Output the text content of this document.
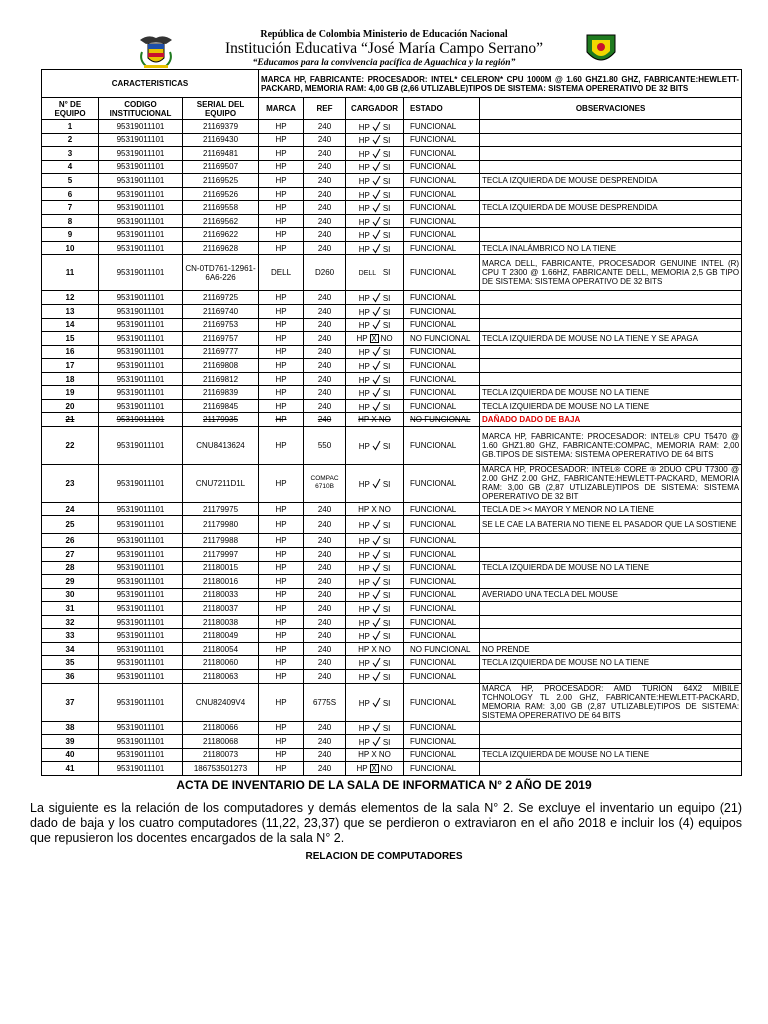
República de Colombia Ministerio de Educación Nacional
Institución Educativa “José María Campo Serrano”
“Educamos para la convivencia pacífica de Aguachica y la región”
CARACTERISTICAS			MARCA HP, FABRICANTE: PROCESADOR: INTEL* CELERON* CPU 1000M @ 1.60 GHZ1.80 GHZ, FABRICANTE:HEWLETT-PACKARD, MEMORIA RAM: 4,00 GB (2,66 UTLIZABLE)TIPOS DE SISTEMA: SISTEMA OPERERATIVO DE 32 BITS				
N° DE EQUIPO	CODIGO INSTITUCIONAL	SERIAL DEL EQUIPO	MARCA	REF	CARGADOR	ESTADO	OBSERVACIONES
1	95319011101	21169379	HP	240	HP SI	FUNCIONAL	
2	95319011101	21169430	HP	240	HP SI	FUNCIONAL	
3	95319011101	21169481	HP	240	HP SI	FUNCIONAL	
4	95319011101	21169507	HP	240	HP SI	FUNCIONAL	
5	95319011101	21169525	HP	240	HP SI	FUNCIONAL	TECLA IZQUIERDA DE MOUSE DESPRENDIDA
6	95319011101	21169526	HP	240	HP SI	FUNCIONAL	
7	95319011101	21169558	HP	240	HP SI	FUNCIONAL	TECLA IZQUIERDA DE MOUSE DESPRENDIDA
8	95319011101	21169562	HP	240	HP SI	FUNCIONAL	
9	95319011101	21169622	HP	240	HP SI	FUNCIONAL	
10	95319011101	21169628	HP	240	HP SI	FUNCIONAL	TECLA INALÁMBRICO NO LA TIENE
11	95319011101	CN-0TD761-12961-6A6-226	DELL	D260	DELL SI	FUNCIONAL	MARCA DELL, FABRICANTE, PROCESADOR GENUINE INTEL (R) CPU T 2300 @ 1.66HZ, FABRICANTE DELL, MEMORIA 2,5 GB TIPO DE SISTEMA: SISTEMA OPERATIVO DE 32 BITS
12	95319011101	21169725	HP	240	HP SI	FUNCIONAL	
13	95319011101	21169740	HP	240	HP SI	FUNCIONAL	
14	95319011101	21169753	HP	240	HP SI	FUNCIONAL	
15	95319011101	21169757	HP	240	HP X NO	NO FUNCIONAL	TECLA IZQUIERDA DE MOUSE NO LA TIENE Y SE APAGA
16	95319011101	21169777	HP	240	HP SI	FUNCIONAL	
17	95319011101	21169808	HP	240	HP SI	FUNCIONAL	
18	95319011101	21169812	HP	240	HP SI	FUNCIONAL	
19	95319011101	21169839	HP	240	HP SI	FUNCIONAL	TECLA IZQUIERDA DE MOUSE NO LA TIENE
20	95319011101	21169845	HP	240	HP SI	FUNCIONAL	TECLA IZQUIERDA DE MOUSE NO LA TIENE
21	95319011101	21179935	HP	240	HP X NO	NO FUNCIONAL	DAÑADO DADO DE BAJA
22	95319011101	CNU8413624	HP	550	HP SI	FUNCIONAL	MARCA HP, FABRICANTE: PROCESADOR: INTEL® CPU T5470 @ 1.60 GHZ1.80 GHZ, FABRICANTE:COMPAC, MEMORIA RAM: 2,00 GB.TIPOS DE SISTEMA: SISTEMA OPERERATIVO DE 64 BITS
23	95319011101	CNU7211D1L	HP	COMPAC 6710B	HP SI	FUNCIONAL	MARCA HP, PROCESADOR: INTEL® CORE ® 2DUO CPU T7300 @ 2.00 GHZ 2.00 GHZ, FABRICANTE:HEWLETT-PACKARD, MEMORIA RAM: 3,00 GB (2,87 UTLIZABLE)TIPOS DE SISTEMA: SISTEMA OPERERATIVO DE 32 BIT
24	95319011101	21179975	HP	240	HP X NO	FUNCIONAL	TECLA DE >< MAYOR Y MENOR NO LA TIENE
25	95319011101	21179980	HP	240	HP SI	FUNCIONAL	SE LE CAE LA BATERIA NO TIENE EL PASADOR QUE LA SOSTIENE
26	95319011101	21179988	HP	240	HP SI	FUNCIONAL	
27	95319011101	21179997	HP	240	HP SI	FUNCIONAL	
28	95319011101	21180015	HP	240	HP SI	FUNCIONAL	TECLA IZQUIERDA DE MOUSE NO LA TIENE
29	95319011101	21180016	HP	240	HP SI	FUNCIONAL	
30	95319011101	21180033	HP	240	HP SI	FUNCIONAL	AVERIADO UNA TECLA DEL MOUSE
31	95319011101	21180037	HP	240	HP SI	FUNCIONAL	
32	95319011101	21180038	HP	240	HP SI	FUNCIONAL	
33	95319011101	21180049	HP	240	HP SI	FUNCIONAL	
34	95319011101	21180054	HP	240	HP X NO	NO FUNCIONAL	NO PRENDE
35	95319011101	21180060	HP	240	HP SI	FUNCIONAL	TECLA IZQUIERDA DE MOUSE NO LA TIENE
36	95319011101	21180063	HP	240	HP SI	FUNCIONAL	
37	95319011101	CNU82409V4	HP	6775S	HP SI	FUNCIONAL	MARCA HP, PROCESADOR: AMD TURION 64X2 MIBILE TCHNOLOGY TL 2.00 GHZ, FABRICANTE:HEWLETT-PACKARD, MEMORIA RAM: 3,00 GB (2,87 UTLIZABLE)TIPOS DE SISTEMA: SISTEMA OPERERATIVO DE 64 BITS
38	95319011101	21180066	HP	240	HP SI	FUNCIONAL	
39	95319011101	21180068	HP	240	HP SI	FUNCIONAL	
40	95319011101	21180073	HP	240	HP X NO	FUNCIONAL	TECLA IZQUIERDA DE MOUSE NO LA TIENE
41	95319011101	186753501273	HP	240	HP X NO	FUNCIONAL	
ACTA DE INVENTARIO DE LA SALA DE INFORMATICA N° 2 AÑO DE 2019
La siguiente es la relación de los computadores y demás elementos de la sala N° 2. Se excluye el inventario un equipo (21) dado de baja y los cuatro computadores (11,22, 23,37) que se perdieron o extraviaron en el año 2018 e incluir los (4) equipos que repusieron los docentes encargados de la sala N° 2.
RELACION DE COMPUTADORES
